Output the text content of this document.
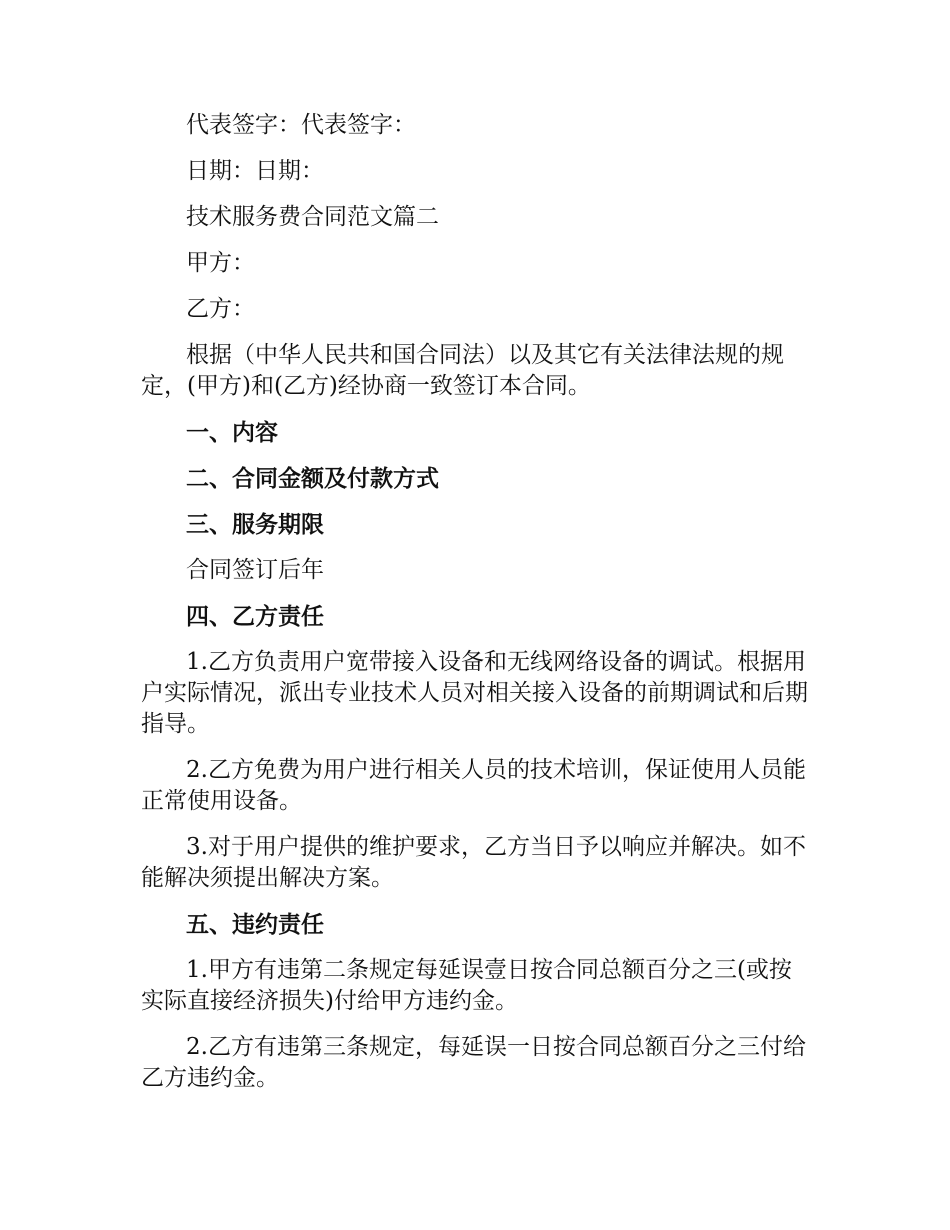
代表签字：代表签字：

日期：日期：

技术服务费合同范文篇二

甲方：

乙方：

根据（中华人民共和国合同法）以及其它有关法律法规的规定，(甲方)和(乙方)经协商一致签订本合同。

一、内容

二、合同金额及付款方式

三、服务期限

合同签订后年

四、乙方责任

1.乙方负责用户宽带接入设备和无线网络设备的调试。根据用户实际情况，派出专业技术人员对相关接入设备的前期调试和后期指导。

2.乙方免费为用户进行相关人员的技术培训，保证使用人员能正常使用设备。

3.对于用户提供的维护要求，乙方当日予以响应并解决。如不能解决须提出解决方案。

五、违约责任

1.甲方有违第二条规定每延误壹日按合同总额百分之三(或按实际直接经济损失)付给甲方违约金。

2.乙方有违第三条规定，每延误一日按合同总额百分之三付给乙方违约金。
